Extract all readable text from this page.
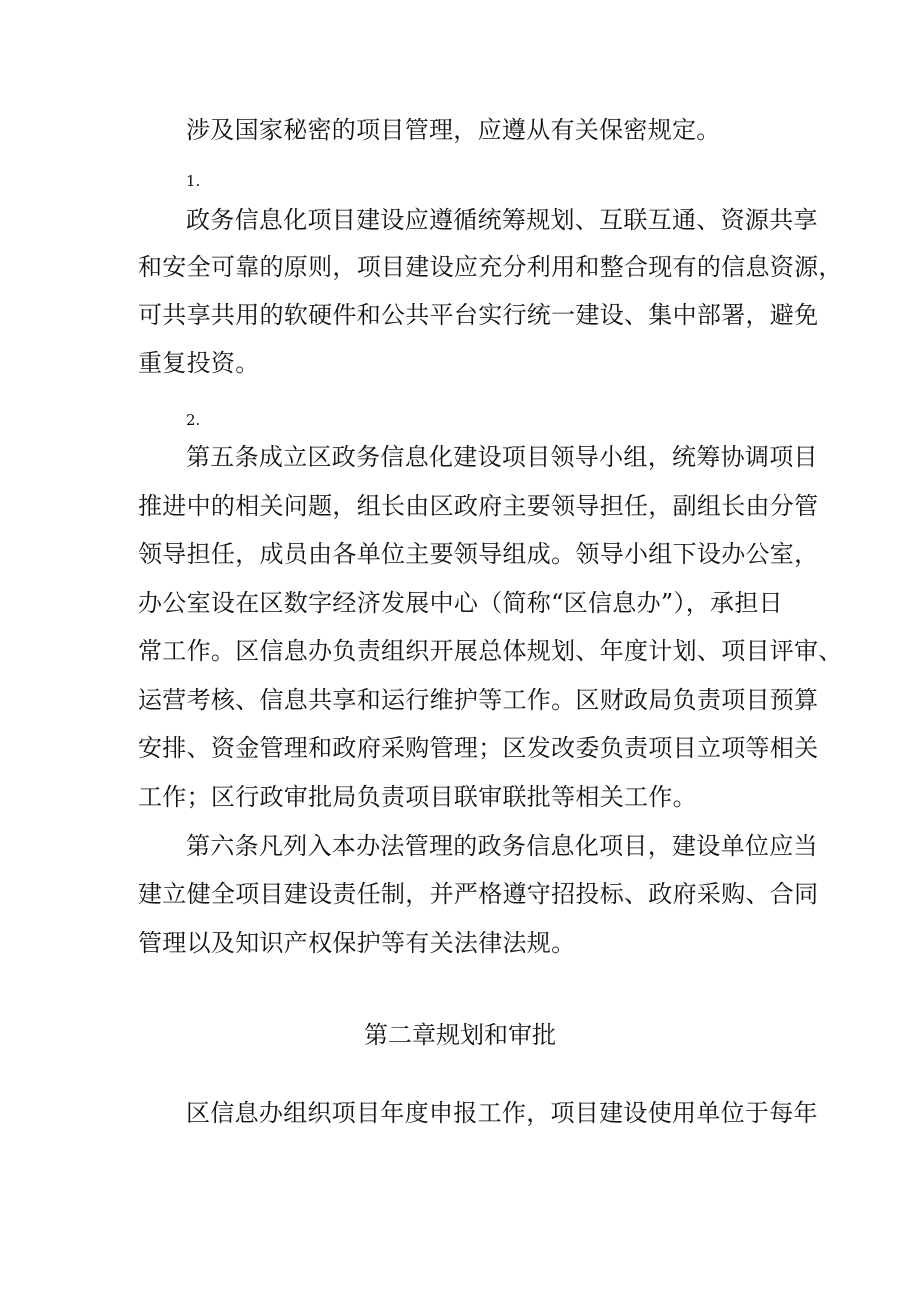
涉及国家秘密的项目管理，应遵从有关保密规定。
1.
政务信息化项目建设应遵循统筹规划、互联互通、资源共享
和安全可靠的原则，项目建设应充分利用和整合现有的信息资源，
可共享共用的软硬件和公共平台实行统一建设、集中部署，避免
重复投资。
2.
第五条成立区政务信息化建设项目领导小组，统筹协调项目
推进中的相关问题，组长由区政府主要领导担任，副组长由分管
领导担任，成员由各单位主要领导组成。领导小组下设办公室，
办公室设在区数字经济发展中心（简称“区信息办”），承担日
常工作。区信息办负责组织开展总体规划、年度计划、项目评审、
运营考核、信息共享和运行维护等工作。区财政局负责项目预算
安排、资金管理和政府采购管理；区发改委负责项目立项等相关
工作；区行政审批局负责项目联审联批等相关工作。
第六条凡列入本办法管理的政务信息化项目，建设单位应当
建立健全项目建设责任制，并严格遵守招投标、政府采购、合同
管理以及知识产权保护等有关法律法规。
第二章规划和审批
区信息办组织项目年度申报工作，项目建设使用单位于每年
